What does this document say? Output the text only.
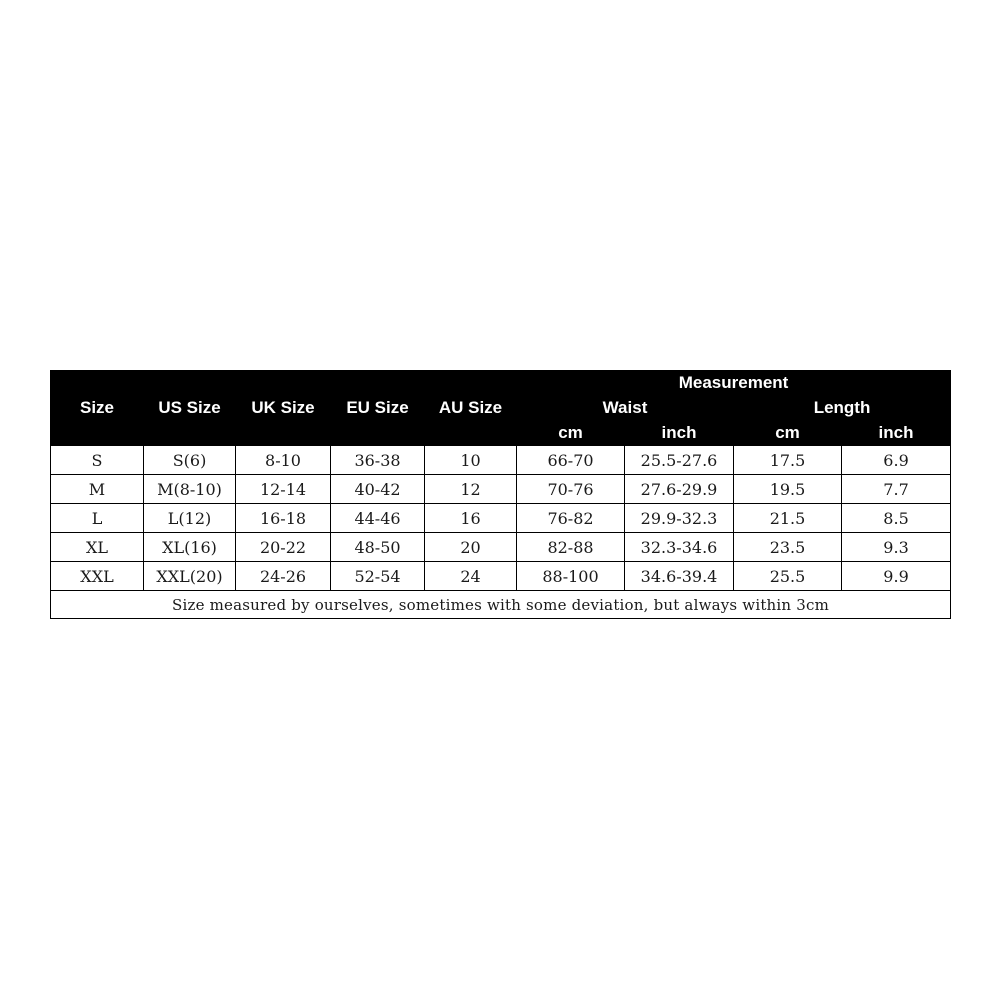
Size	US Size	UK Size	EU Size	AU Size	Measurement			
					Waist		Length	
					cm	inch	cm	inch
S	S(6)	8-10	36-38	10	66-70	25.5-27.6	17.5	6.9
M	M(8-10)	12-14	40-42	12	70-76	27.6-29.9	19.5	7.7
L	L(12)	16-18	44-46	16	76-82	29.9-32.3	21.5	8.5
XL	XL(16)	20-22	48-50	20	82-88	32.3-34.6	23.5	9.3
XXL	XXL(20)	24-26	52-54	24	88-100	34.6-39.4	25.5	9.9
Size measured by ourselves, sometimes with some deviation, but always within 3cm								
